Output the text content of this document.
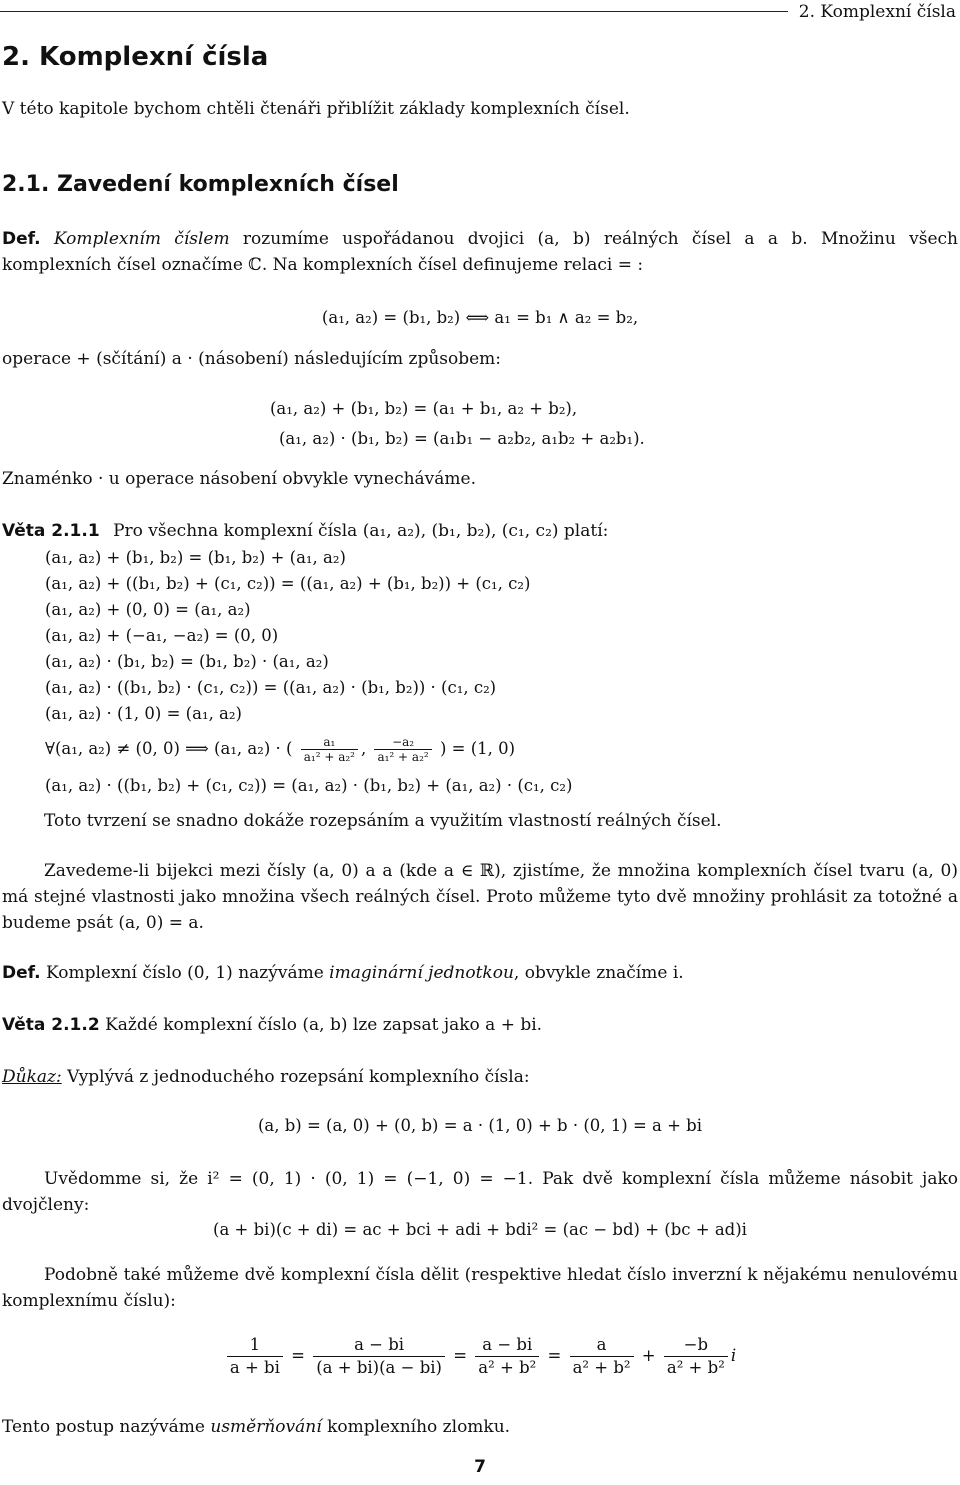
2. Komplexní čísla
2. Komplexní čísla
V této kapitole bychom chtěli čtenáři přiblížit základy komplexních čísel.
2.1. Zavedení komplexních čísel
Def. Komplexním číslem rozumíme uspořádanou dvojici (a, b) reálných čísel a a b. Množinu všech komplexních čísel označíme ℂ. Na komplexních čísel definujeme relaci = :
(a₁, a₂) = (b₁, b₂) ⟺ a₁ = b₁ ∧ a₂ = b₂,
operace + (sčítání) a · (násobení) následujícím způsobem:
(a₁, a₂) + (b₁, b₂) = (a₁ + b₁, a₂ + b₂),
(a₁, a₂) · (b₁, b₂) = (a₁b₁ − a₂b₂, a₁b₂ + a₂b₁).
Znaménko · u operace násobení obvykle vynecháváme.
Věta 2.1.1 Pro všechna komplexní čísla (a₁, a₂), (b₁, b₂), (c₁, c₂) platí:
(a₁, a₂) + (b₁, b₂) = (b₁, b₂) + (a₁, a₂)
(a₁, a₂) + ((b₁, b₂) + (c₁, c₂)) = ((a₁, a₂) + (b₁, b₂)) + (c₁, c₂)
(a₁, a₂) + (0, 0) = (a₁, a₂)
(a₁, a₂) + (−a₁, −a₂) = (0, 0)
(a₁, a₂) · (b₁, b₂) = (b₁, b₂) · (a₁, a₂)
(a₁, a₂) · ((b₁, b₂) · (c₁, c₂)) = ((a₁, a₂) · (b₁, b₂)) · (c₁, c₂)
(a₁, a₂) · (1, 0) = (a₁, a₂)
∀(a₁, a₂) ≠ (0, 0) ⟹ (a₁, a₂) · ( $\frac{\text{a₁}}{\text{a₁² + a₂²}}$ , $\frac{\text{−a₂}}{\text{a₁² + a₂²}}$ ) = (1, 0)
(a₁, a₂) · ((b₁, b₂) + (c₁, c₂)) = (a₁, a₂) · (b₁, b₂) + (a₁, a₂) · (c₁, c₂)
Toto tvrzení se snadno dokáže rozepsáním a využitím vlastností reálných čísel.
Zavedeme-li bijekci mezi čísly (a, 0) a a (kde a ∈ ℝ), zjistíme, že množina komplexních čísel tvaru (a, 0) má stejné vlastnosti jako množina všech reálných čísel. Proto můžeme tyto dvě množiny prohlásit za totožné a budeme psát (a, 0) = a.
Def. Komplexní číslo (0, 1) nazýváme imaginární jednotkou, obvykle značíme i.
Věta 2.1.2 Každé komplexní číslo (a, b) lze zapsat jako a + bi.
Důkaz: Vyplývá z jednoduchého rozepsání komplexního čísla:
(a, b) = (a, 0) + (0, b) = a · (1, 0) + b · (0, 1) = a + bi
Uvědomme si, že i² = (0, 1) · (0, 1) = (−1, 0) = −1. Pak dvě komplexní čísla můžeme násobit jako dvojčleny:
(a + bi)(c + di) = ac + bci + adi + bdi² = (ac − bd) + (bc + ad)i
Podobně také můžeme dvě komplexní čísla dělit (respektive hledat číslo inverzní k nějakému nenulovému komplexnímu číslu):
$\frac{1}{a + bi} = \frac{a - bi}{(a + bi)(a - bi)} = \frac{a - bi}{\text{a² + b²}} = \frac{a}{\text{a² + b²}} + \frac{-b}{\text{a² + b²}}$ i
Tento postup nazýváme usměrňování komplexního zlomku.
7
